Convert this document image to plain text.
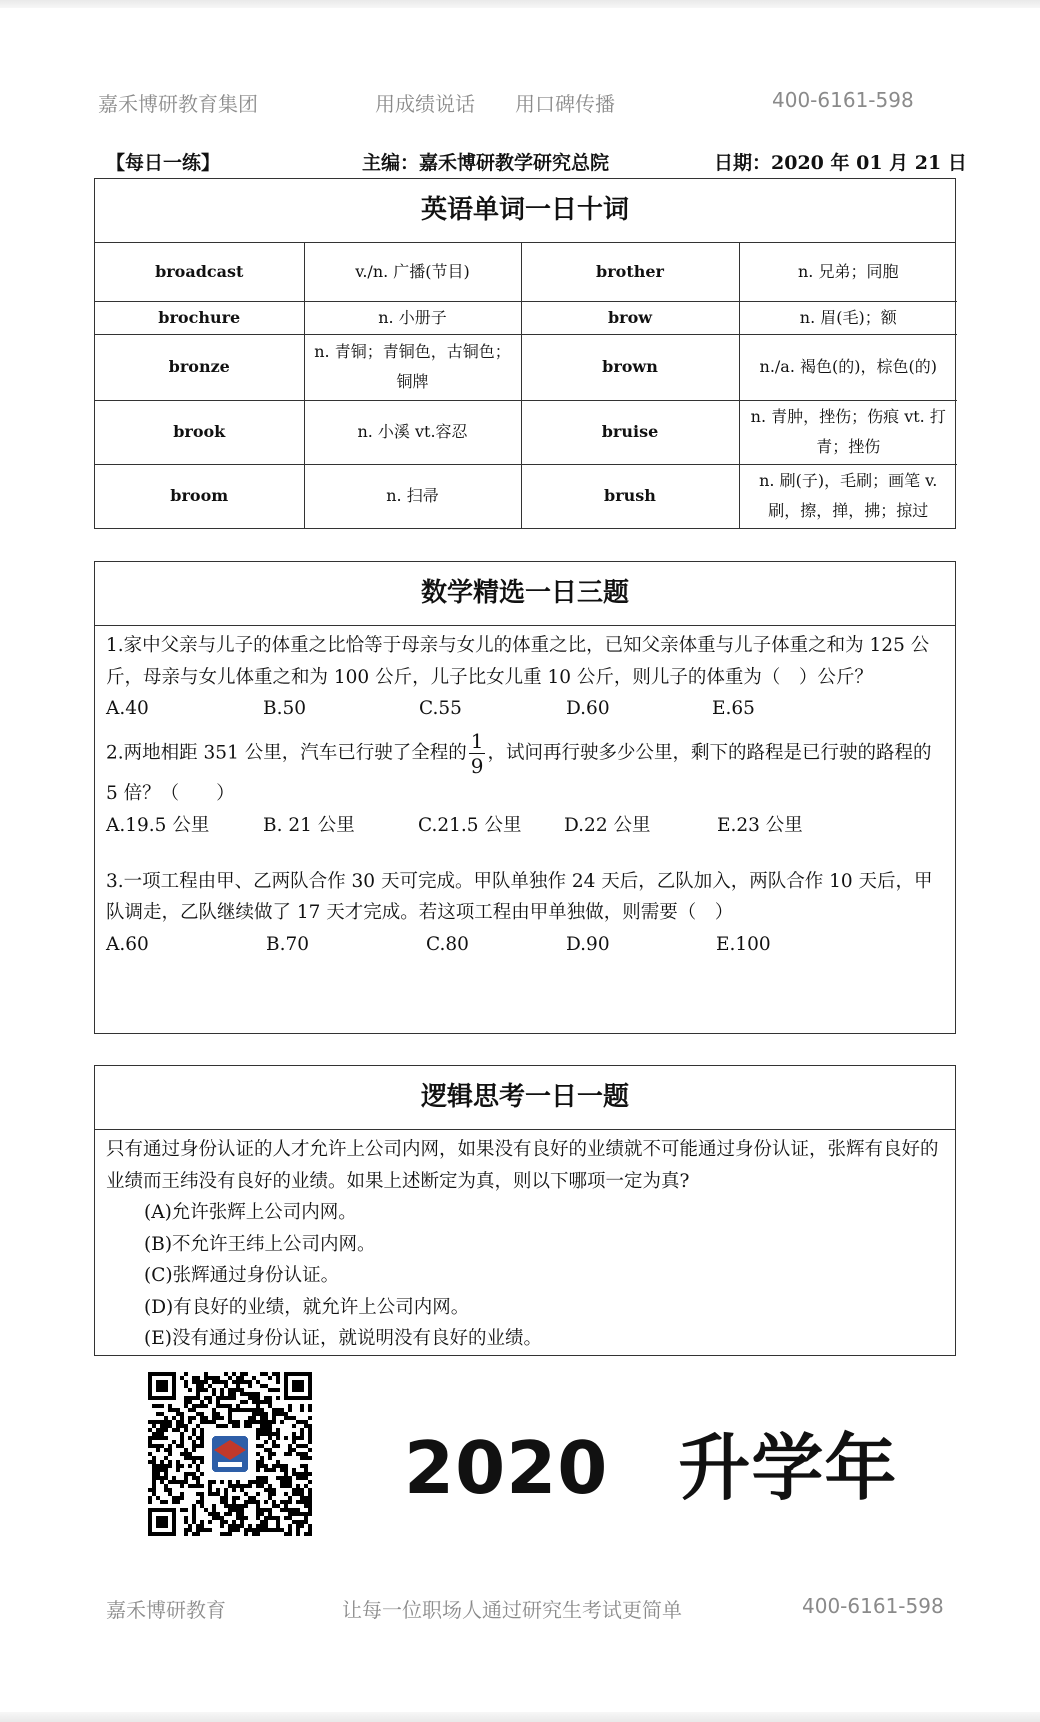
嘉禾博研教育集团	用成绩说话 用口碑传播	400-6161-598
【每日一练】	主编：嘉禾博研教学研究总院	日期：2020 年 01 月 21 日
英语单词一日十词
broadcast	v./n. 广播(节目)	brother	n. 兄弟；同胞
brochure	n. 小册子	brow	n. 眉(毛)；额
bronze	n. 青铜；青铜色，古铜色；铜牌	brown	n./a. 褐色(的)，棕色(的)
brook	n. 小溪 vt.容忍	bruise	n. 青肿，挫伤；伤痕 vt. 打青；挫伤
broom	n. 扫帚	brush	n. 刷(子)，毛刷；画笔 v. 刷，擦，掸，拂；掠过
数学精选一日三题

1.家中父亲与儿子的体重之比恰等于母亲与女儿的体重之比，已知父亲体重与儿子体重之和为 125 公斤，母亲与女儿体重之和为 100 公斤，儿子比女儿重 10 公斤，则儿子的体重为（　）公斤？

A.40	B.50	C.55	D.60	E.65

2.两地相距 351 公里，汽车已行驶了全程的 $\frac{1}{9}$ ，试问再行驶多少公里，剩下的路程是已行驶的路程的 5 倍？（　　）

A.19.5 公里	B. 21 公里	C.21.5 公里 D.22 公里	E.23 公里

3.一项工程由甲、乙两队合作 30 天可完成。甲队单独作 24 天后，乙队加入，两队合作 10 天后，甲队调走，乙队继续做了 17 天才完成。若这项工程由甲单独做，则需要（　）

A.60	B.70	C.80	D.90	E.100
逻辑思考一日一题

只有通过身份认证的人才允许上公司内网，如果没有良好的业绩就不可能通过身份认证，张辉有良好的业绩而王纬没有良好的业绩。如果上述断定为真，则以下哪项一定为真?

(A)允许张辉上公司内网。

(B)不允许王纬上公司内网。

(C)张辉通过身份认证。

(D)有良好的业绩，就允许上公司内网。

(E)没有通过身份认证，就说明没有良好的业绩。

2020 升学年
嘉禾博研教育	让每一位职场人通过研究生考试更简单	400-6161-598
